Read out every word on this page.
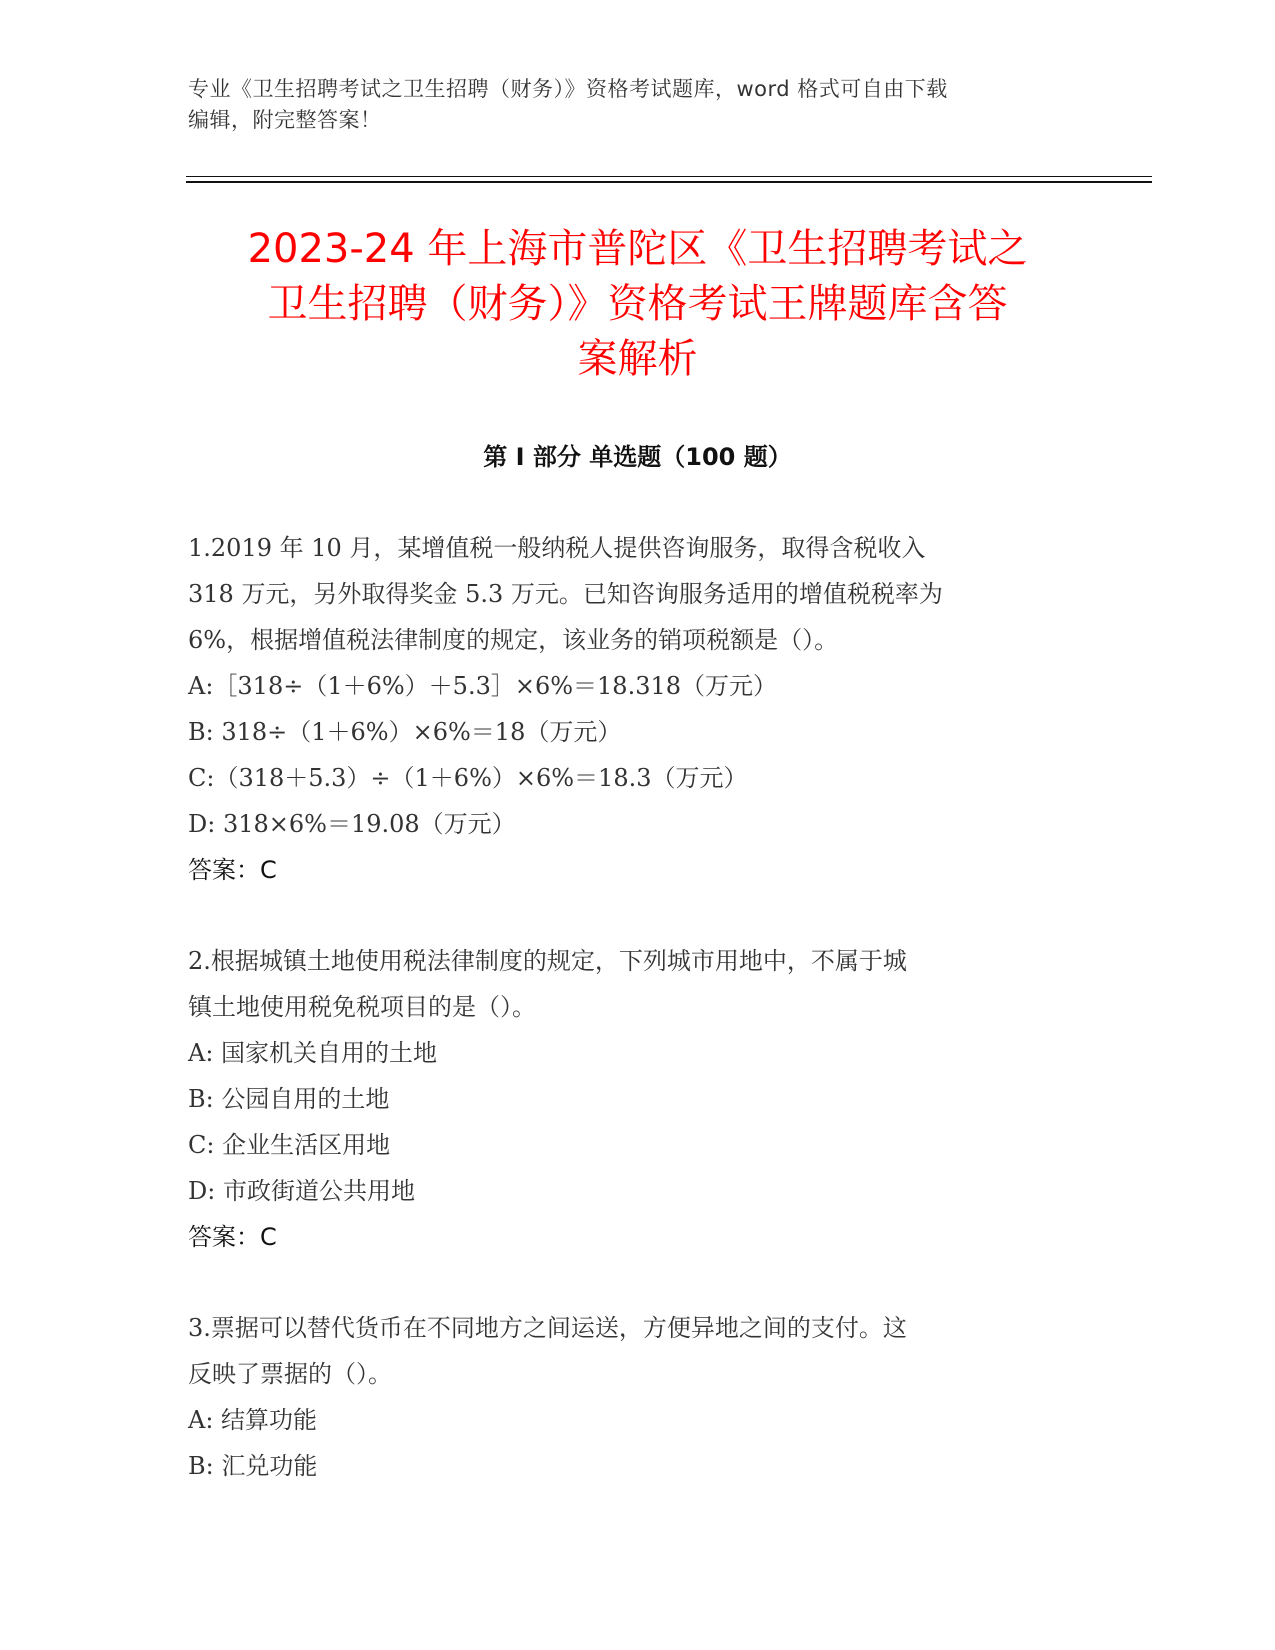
专业《卫生招聘考试之卫生招聘（财务）》资格考试题库，word 格式可自由下载
编辑，附完整答案！
2023-24 年上海市普陀区《卫生招聘考试之
卫生招聘（财务）》资格考试王牌题库含答
案解析
第 I 部分 单选题（100 题）

1.2019 年 10 月，某增值税一般纳税人提供咨询服务，取得含税收入

318 万元，另外取得奖金 5.3 万元。已知咨询服务适用的增值税税率为

6%，根据增值税法律制度的规定，该业务的销项税额是（）。

A:［318÷（1＋6%）＋5.3］×6%＝18.318（万元）

B: 318÷（1＋6%）×6%＝18（万元）

C:（318＋5.3）÷（1＋6%）×6%＝18.3（万元）

D: 318×6%＝19.08（万元）

答案：C

2.根据城镇土地使用税法律制度的规定，下列城市用地中，不属于城

镇土地使用税免税项目的是（）。

A: 国家机关自用的土地

B: 公园自用的土地

C: 企业生活区用地

D: 市政街道公共用地

答案：C

3.票据可以替代货币在不同地方之间运送，方便异地之间的支付。这

反映了票据的（）。

A: 结算功能

B: 汇兑功能
